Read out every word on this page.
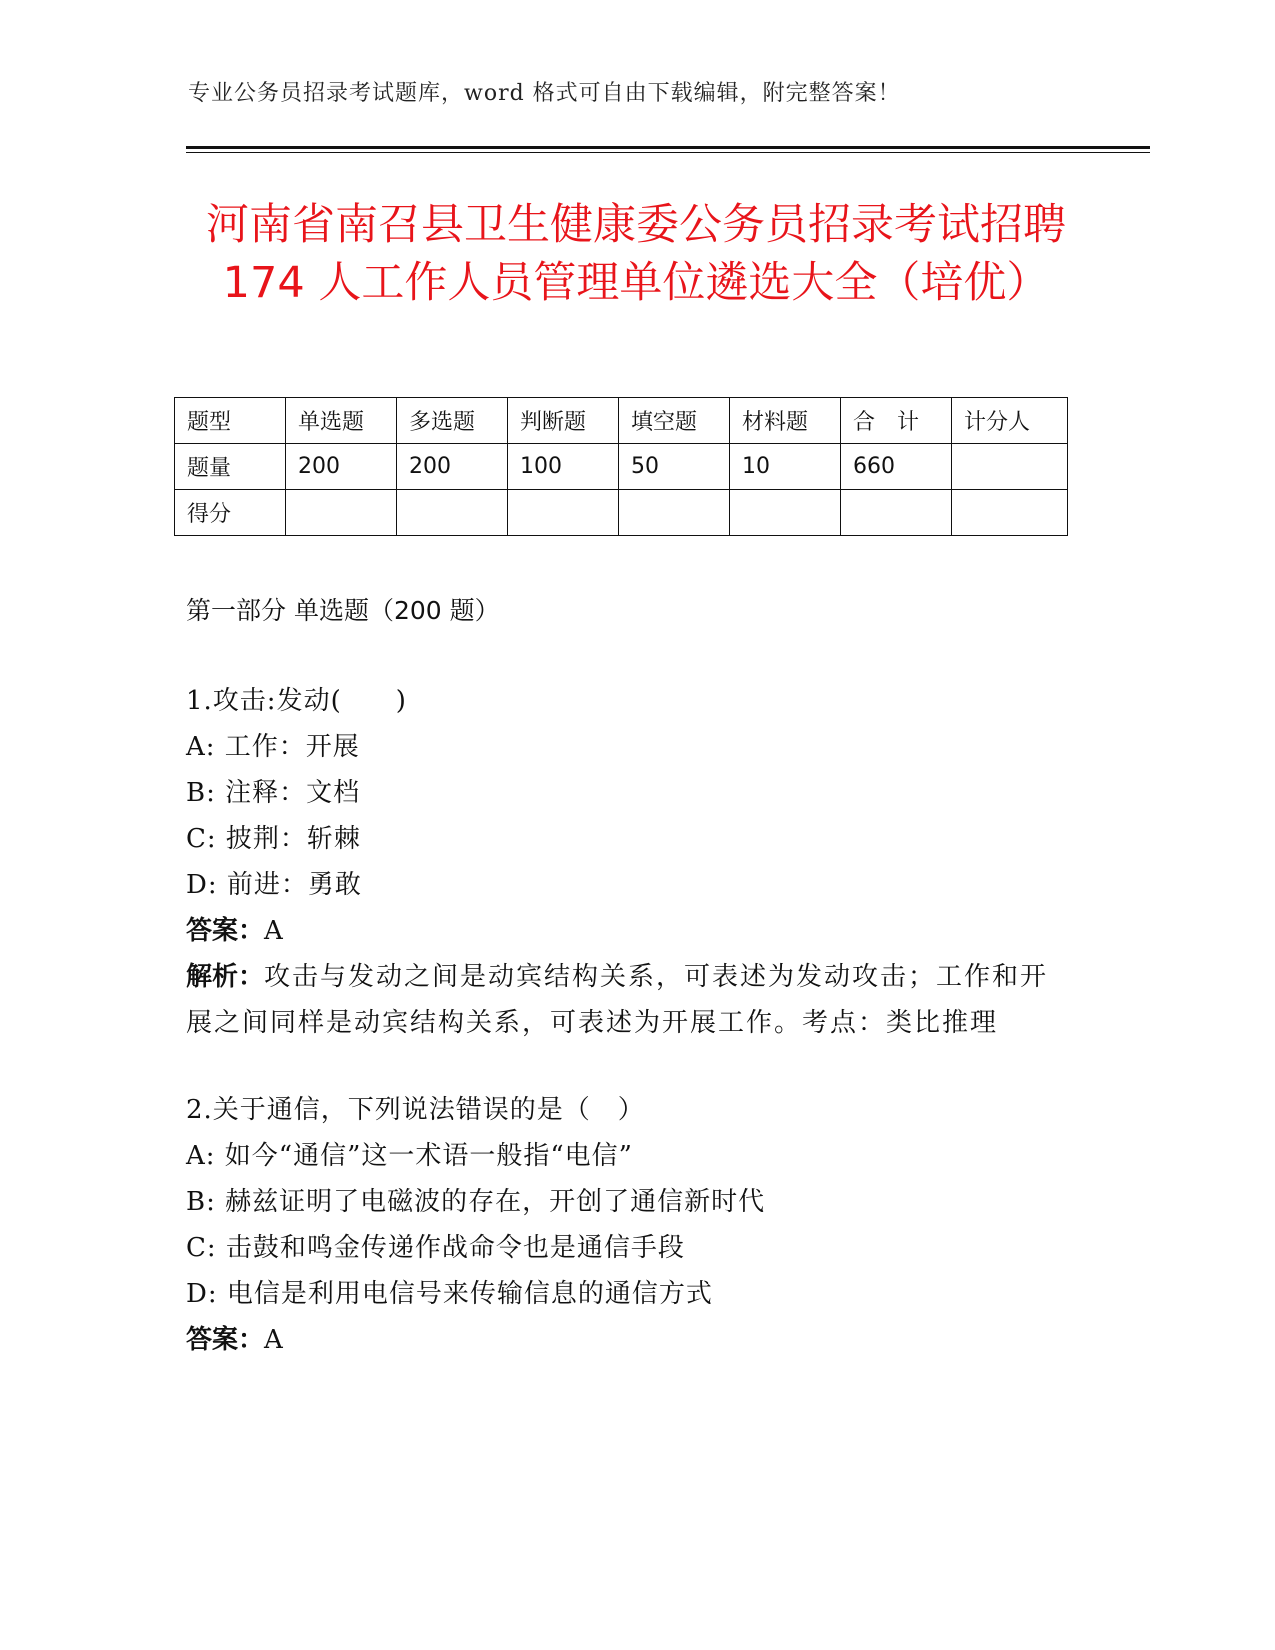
专业公务员招录考试题库，word 格式可自由下载编辑，附完整答案！
河南省南召县卫生健康委公务员招录考试招聘 174 人工作人员管理单位遴选大全（培优）
题型	单选题	多选题	判断题	填空题	材料题	合　计	计分人
题量	200	200	100	50	10	660	
得分							
第一部分 单选题（200 题）
1.攻击:发动(　　)
A: 工作：开展
B: 注释：文档
C: 披荆：斩棘
D: 前进：勇敢
答案：A
解析：攻击与发动之间是动宾结构关系，可表述为发动攻击；工作和开展之间同样是动宾结构关系，可表述为开展工作。考点：类比推理
2.关于通信，下列说法错误的是（　）
A: 如今“通信”这一术语一般指“电信”
B: 赫兹证明了电磁波的存在，开创了通信新时代
C: 击鼓和鸣金传递作战命令也是通信手段
D: 电信是利用电信号来传输信息的通信方式
答案：A
